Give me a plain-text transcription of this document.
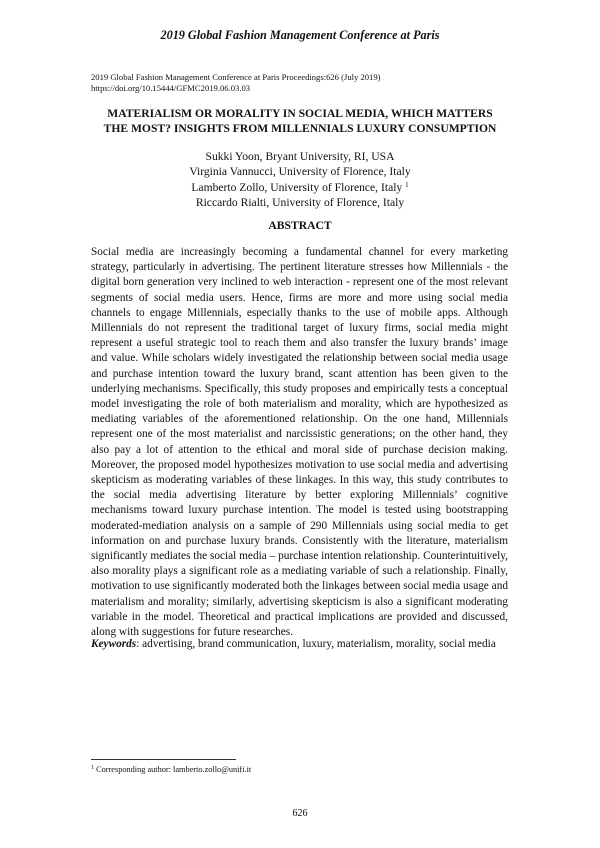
2019 Global Fashion Management Conference at Paris
2019 Global Fashion Management Conference at Paris Proceedings:626 (July 2019)
https://doi.org/10.15444/GFMC2019.06.03.03
MATERIALISM OR MORALITY IN SOCIAL MEDIA, WHICH MATTERS
THE MOST? INSIGHTS FROM MILLENNIALS LUXURY CONSUMPTION
Sukki Yoon, Bryant University, RI, USA
Virginia Vannucci, University of Florence, Italy
Lamberto Zollo, University of Florence, Italy $^1$
Riccardo Rialti, University of Florence, Italy
ABSTRACT

Social media are increasingly becoming a fundamental channel for every marketing strategy, particularly in advertising. The pertinent literature stresses how Millennials - the digital born generation very inclined to web interaction - represent one of the most relevant segments of social media users. Hence, firms are more and more using social media channels to engage Millennials, especially thanks to the use of mobile apps. Although Millennials do not represent the traditional target of luxury firms, social media might represent a useful strategic tool to reach them and also transfer the luxury brands’ image and value. While scholars widely investigated the relationship between social media usage and purchase intention toward the luxury brand, scant attention has been given to the underlying mechanisms. Specifically, this study proposes and empirically tests a conceptual model investigating the role of both materialism and morality, which are hypothesized as mediating variables of the aforementioned relationship. On the one hand, Millennials represent one of the most materialist and narcissistic generations; on the other hand, they also pay a lot of attention to the ethical and moral side of purchase decision making. Moreover, the proposed model hypothesizes motivation to use social media and advertising skepticism as moderating variables of these linkages. In this way, this study contributes to the social media advertising literature by better exploring Millennials’ cognitive mechanisms toward luxury purchase intention. The model is tested using bootstrapping moderated-mediation analysis on a sample of 290 Millennials using social media to get information on and purchase luxury brands. Consistently with the literature, materialism significantly mediates the social media – purchase intention relationship. Counterintuitively, also morality plays a significant role as a mediating variable of such a relationship. Finally, motivation to use significantly moderated both the linkages between social media usage and materialism and morality; similarly, advertising skepticism is also a significant moderating variable in the model. Theoretical and practical implications are provided and discussed, along with suggestions for future researches.

Keywords: advertising, brand communication, luxury, materialism, morality, social media

$^1$ Corresponding author: lamberto.zollo@unifi.it
626
